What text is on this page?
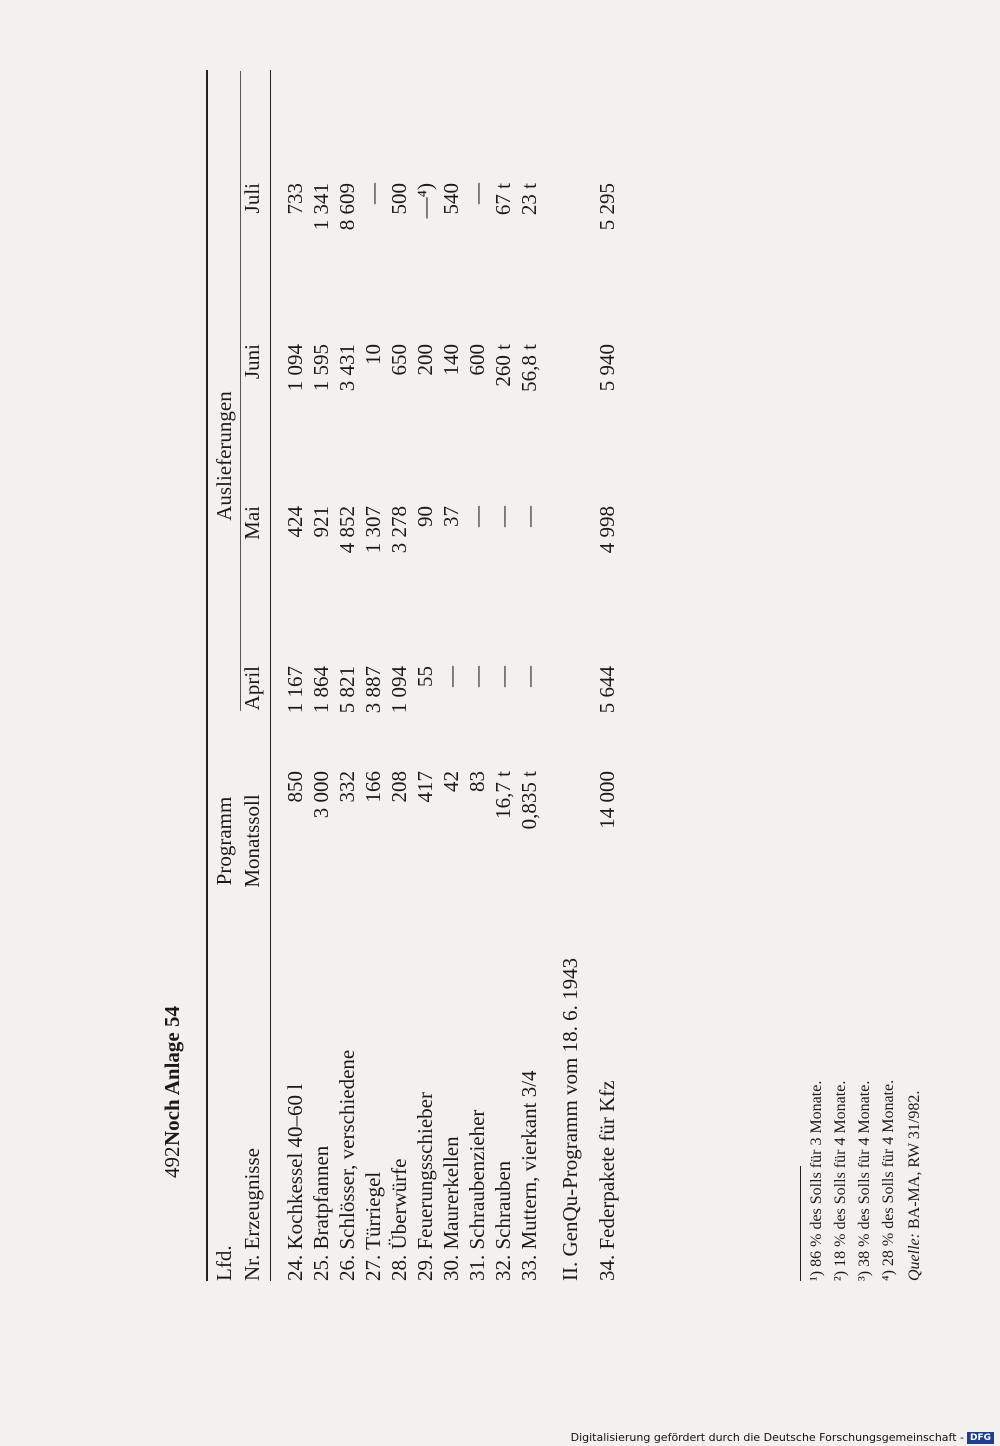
492
Noch Anlage 54
Lfd. Nr. Erzeugnisse
Programm Monatssoll
Auslieferungen
April
Mai
Juni
Juli
24. Kochkessel 40–60 l
850
1 167
424
1 094
733
25. Bratpfannen
3 000
1 864
921
1 595
1 341
26. Schlösser, verschiedene
332
5 821
4 852
3 431
8 609
27. Türriegel
166
3 887
1 307
10
—
28. Überwürfe
208
1 094
3 278
650
500
29. Feuerungsschieber
417
55
90
200
—⁴)
30. Maurerkellen
42
—
37
140
540
31. Schraubenzieher
83
—
—
600
—
32. Schrauben
16,7 t
—
—
260 t
67 t
33. Muttern, vierkant 3/4
0,835 t
—
—
56,8 t
23 t
II. GenQu-Programm vom 18. 6. 1943 34. Federpakete für Kfz
14 000
5 644
4 998
5 940
5 295
¹) 86 % des Solls für 3 Monate. ²) 18 % des Solls für 4 Monate. ³) 38 % des Solls für 4 Monate. ⁴) 28 % des Solls für 4 Monate. Quelle: BA-MA, RW 31/982.
Digitalisierung gefördert durch die Deutsche Forschungsgemeinschaft - DFG
